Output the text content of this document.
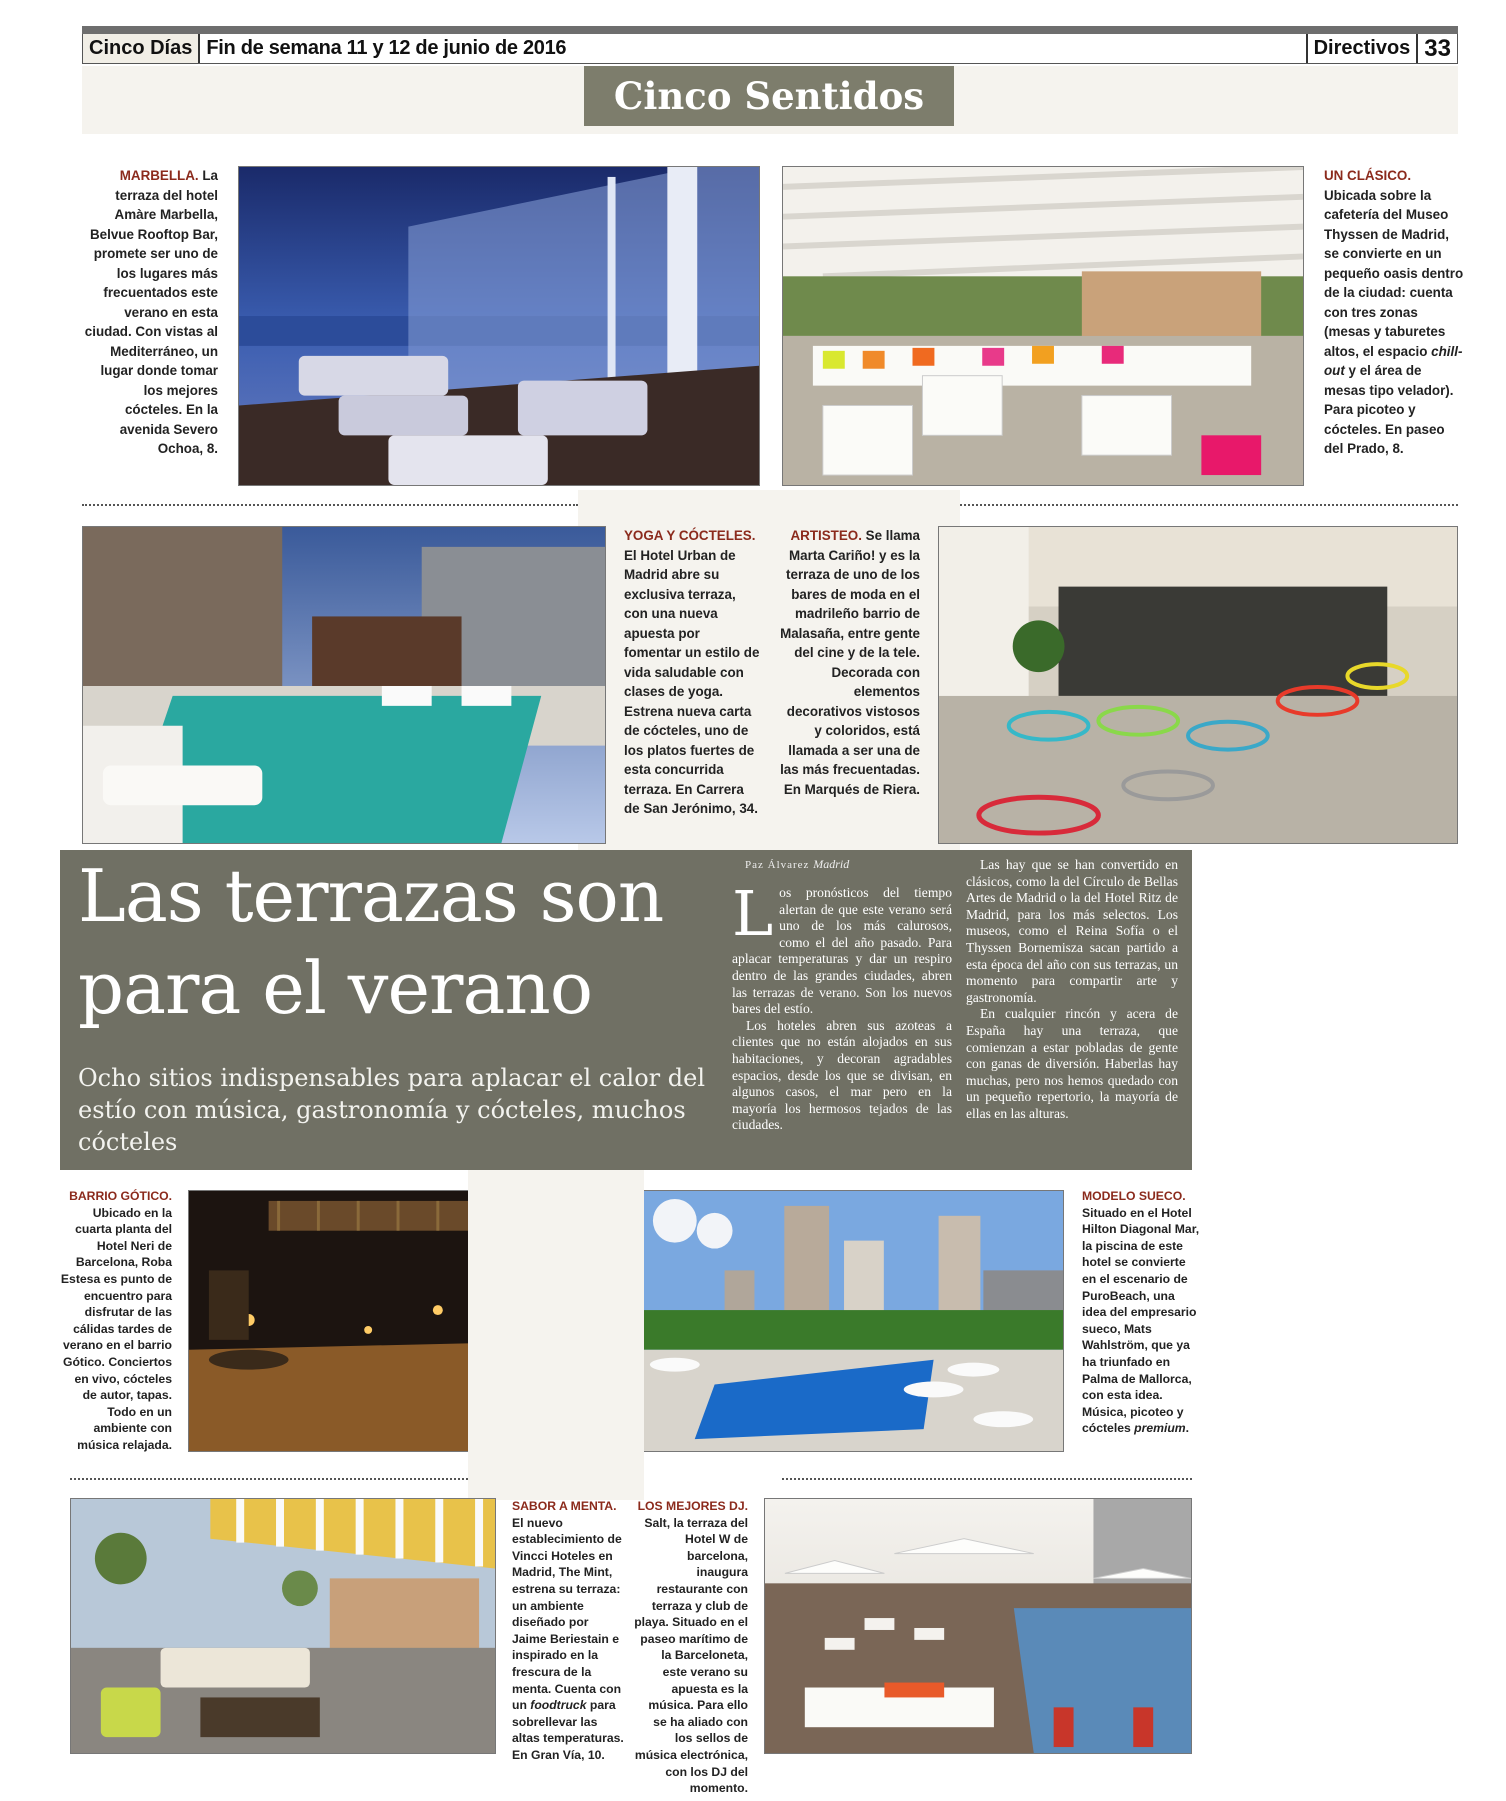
Cinco Días Fin de semana 11 y 12 de junio de 2016	Directivos 33
Cinco Sentidos
MARBELLA. La terraza del hotel Amàre Marbella, Belvue Rooftop Bar, promete ser uno de los lugares más frecuentados este verano en esta ciudad. Con vistas al Mediterráneo, un lugar donde tomar los mejores cócteles. En la avenida Severo Ochoa, 8.
UN CLÁSICO. Ubicada sobre la cafetería del Museo Thyssen de Madrid, se convierte en un pequeño oasis dentro de la ciudad: cuenta con tres zonas (mesas y taburetes altos, el espacio chill-out y el área de mesas tipo velador). Para picoteo y cócteles. En paseo del Prado, 8.
YOGA Y CÓCTELES. El Hotel Urban de Madrid abre su exclusiva terraza, con una nueva apuesta por fomentar un estilo de vida saludable con clases de yoga. Estrena nueva carta de cócteles, uno de los platos fuertes de esta concurrida terraza. En Carrera de San Jerónimo, 34.
ARTISTEO. Se llama Marta Cariño! y es la terraza de uno de los bares de moda en el madrileño barrio de Malasaña, entre gente del cine y de la tele. Decorada con elementos decorativos vistosos y coloridos, está llamada a ser una de las más frecuentadas. En Marqués de Riera.
Las terrazas son para el verano
Ocho sitios indispensables para aplacar el calor del estío con música, gastronomía y cócteles, muchos cócteles
Paz Álvarez Madrid

Los pronósticos del tiempo alertan de que este verano será uno de los más calurosos, como el del año pasado. Para aplacar temperaturas y dar un respiro dentro de las grandes ciudades, abren las terrazas de verano. Son los nuevos bares del estío.

Los hoteles abren sus azoteas a clientes que no están alojados en sus habitaciones, y decoran agradables espacios, desde los que se divisan, en algunos casos, el mar pero en la mayoría los hermosos tejados de las ciudades.

Las hay que se han convertido en clásicos, como la del Círculo de Bellas Artes de Madrid o la del Hotel Ritz de Madrid, para los más selectos. Los museos, como el Reina Sofía o el Thyssen Bornemisza sacan partido a esta época del año con sus terrazas, un momento para compartir arte y gastronomía.

En cualquier rincón y acera de España hay una terraza, que comienzan a estar pobladas de gente con ganas de diversión. Haberlas hay muchas, pero nos hemos quedado con un pequeño repertorio, la mayoría de ellas en las alturas.

BARRIO GÓTICO. Ubicado en la cuarta planta del Hotel Neri de Barcelona, Roba Estesa es punto de encuentro para disfrutar de las cálidas tardes de verano en el barrio Gótico. Conciertos en vivo, cócteles de autor, tapas. Todo en un ambiente con música relajada.
MODELO SUECO. Situado en el Hotel Hilton Diagonal Mar, la piscina de este hotel se convierte en el escenario de PuroBeach, una idea del empresario sueco, Mats Wahlström, que ya ha triunfado en Palma de Mallorca, con esta idea. Música, picoteo y cócteles premium.
SABOR A MENTA. El nuevo establecimiento de Vincci Hoteles en Madrid, The Mint, estrena su terraza: un ambiente diseñado por Jaime Beriestain e inspirado en la frescura de la menta. Cuenta con un foodtruck para sobrellevar las altas temperaturas. En Gran Vía, 10.
LOS MEJORES DJ. Salt, la terraza del Hotel W de barcelona, inaugura restaurante con terraza y club de playa. Situado en el paseo marítimo de la Barceloneta, este verano su apuesta es la música. Para ello se ha aliado con los sellos de música electrónica, con los DJ del momento.
